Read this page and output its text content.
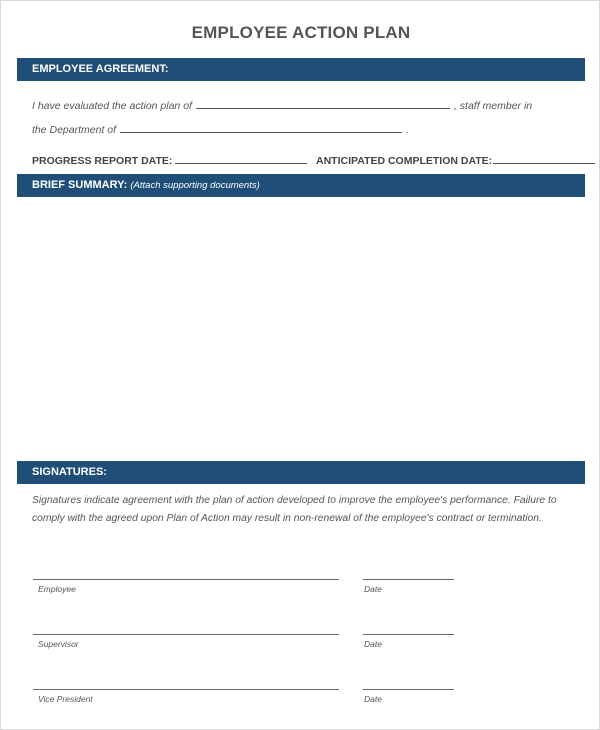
EMPLOYEE ACTION PLAN
EMPLOYEE AGREEMENT:
I have evaluated the action plan of	, staff member in
the Department of	.
PROGRESS REPORT DATE:	ANTICIPATED COMPLETION DATE:
BRIEF SUMMARY: (Attach supporting documents)
SIGNATURES:
Signatures indicate agreement with the plan of action developed to improve the employee's performance. Failure to comply with the agreed upon Plan of Action may result in non-renewal of the employee's contract or termination.
Employee	Date
Supervisor	Date
Vice President	Date
